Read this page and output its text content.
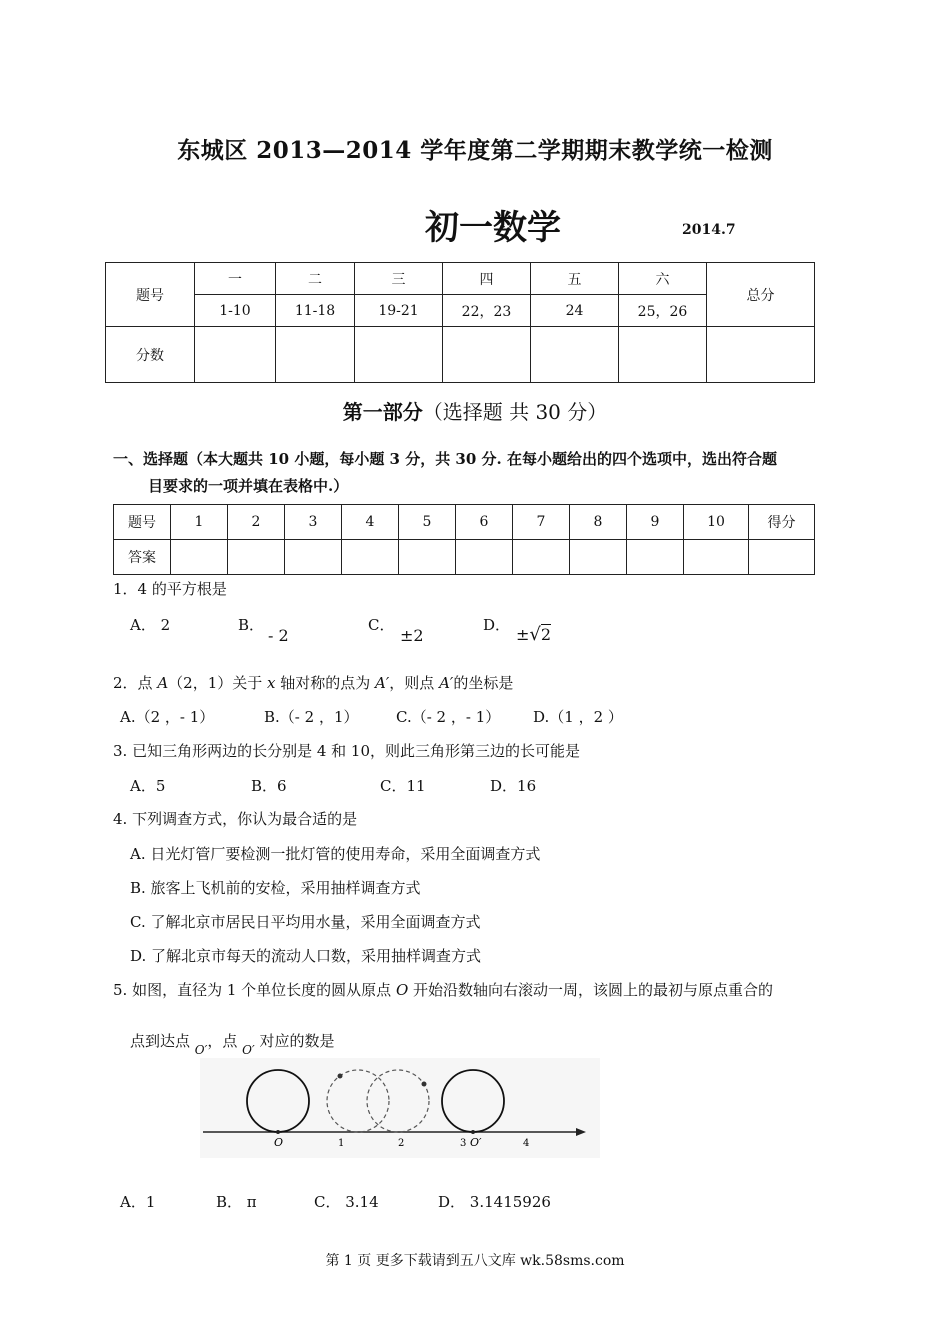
东城区 2013—2014 学年度第二学期期末教学统一检测
初一数学	2014.7
题号	一	二	三	四	五	六	总分
	1-10	11-18	19-21	22，23	24	25，26	
分数							
第一部分（选择题 共 30 分）
一、选择题（本大题共 10 小题，每小题 3 分，共 30 分. 在每小题给出的四个选项中，选出符合题
目要求的一项并填在表格中.）
题号	1	2	3	4	5	6	7	8	9	10	得分
答案											
1．4 的平方根是
A． 2	B．
- 2
C．
±2
D． ±√2
2．点 A（2，1）关于 x 轴对称的点为 A′，则点 A′的坐标是
A.（2 ，- 1）	B.（- 2 ，1）	C.（- 2 ，- 1） D.（1 ，2 ）
3. 已知三角形两边的长分别是 4 和 10，则此三角形第三边的长可能是
A．5	B．6	C．11	D．16
4. 下列调查方式，你认为最合适的是
A. 日光灯管厂要检测一批灯管的使用寿命，采用全面调查方式
B. 旅客上飞机前的安检，采用抽样调查方式
C. 了解北京市居民日平均用水量，采用全面调查方式
D. 了解北京市每天的流动人口数，采用抽样调查方式
5. 如图，直径为 1 个单位长度的圆从原点 O 开始沿数轴向右滚动一周，该圆上的最初与原点重合的
点到达点 $_{O'}$，点 $_{O'}$ 对应的数是
O	1	2	3 O′	4
A．1	B． π	C． 3.14	D． 3.1415926
第 1 页 更多下载请到五八文库 wk.58sms.com
